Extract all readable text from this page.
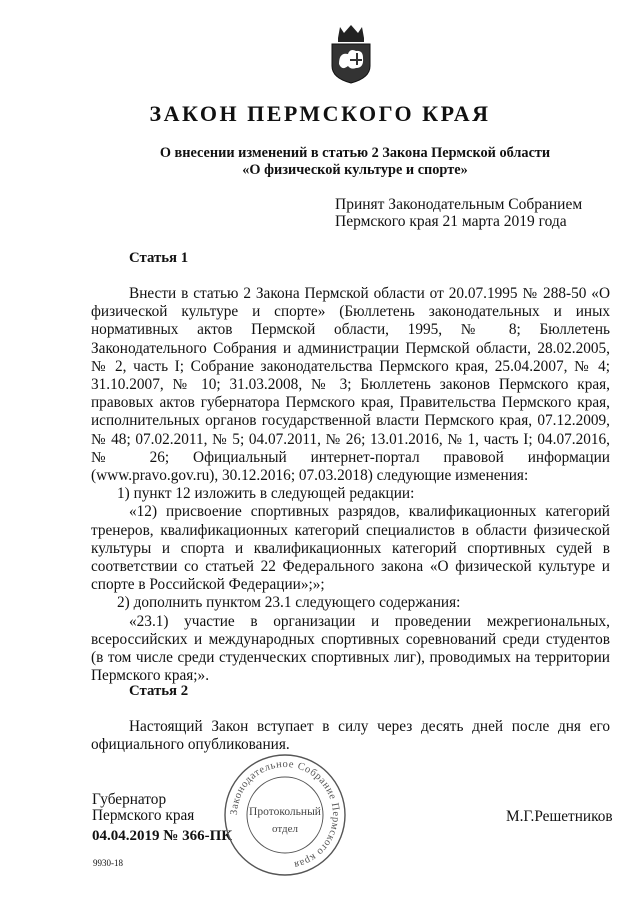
ЗАКОН ПЕРМСКОГО КРАЯ
О внесении изменений в статью 2 Закона Пермской области
«О физической культуре и спорте»
Принят Законодательным Собранием
Пермского края 21 марта 2019 года
Статья 1

Внести в статью 2 Закона Пермской области от 20.07.1995 № 288-50 «О физической культуре и спорте» (Бюллетень законодательных и иных нормативных актов Пермской области, 1995, № 8; Бюллетень Законодательного Собрания и администрации Пермской области, 28.02.2005, № 2, часть I; Собрание законодательства Пермского края, 25.04.2007, № 4; 31.10.2007, № 10; 31.03.2008, № 3; Бюллетень законов Пермского края, правовых актов губернатора Пермского края, Правительства Пермского края, исполнительных органов государственной власти Пермского края, 07.12.2009, № 48; 07.02.2011, № 5; 04.07.2011, № 26; 13.01.2016, № 1, часть I; 04.07.2016, № 26; Официальный интернет-портал правовой информации (www.pravo.gov.ru), 30.12.2016; 07.03.2018) следующие изменения:

1) пункт 12 изложить в следующей редакции:

«12) присвоение спортивных разрядов, квалификационных категорий тренеров, квалификационных категорий специалистов в области физической культуры и спорта и квалификационных категорий спортивных судей в соответствии со статьей 22 Федерального закона «О физической культуре и спорте в Российской Федерации»;»;

2) дополнить пунктом 23.1 следующего содержания:

«23.1) участие в организации и проведении межрегиональных, всероссийских и международных спортивных соревнований среди студентов (в том числе среди студенческих спортивных лиг), проводимых на территории Пермского края;».

Статья 2

Настоящий Закон вступает в силу через десять дней после дня его официального опубликования.

Губернатор
Пермского края
04.04.2019 № 366-ПК
9930-18
М.Г.Решетников
Законодательное Собрание Пермского края
Протокольный
отдел
